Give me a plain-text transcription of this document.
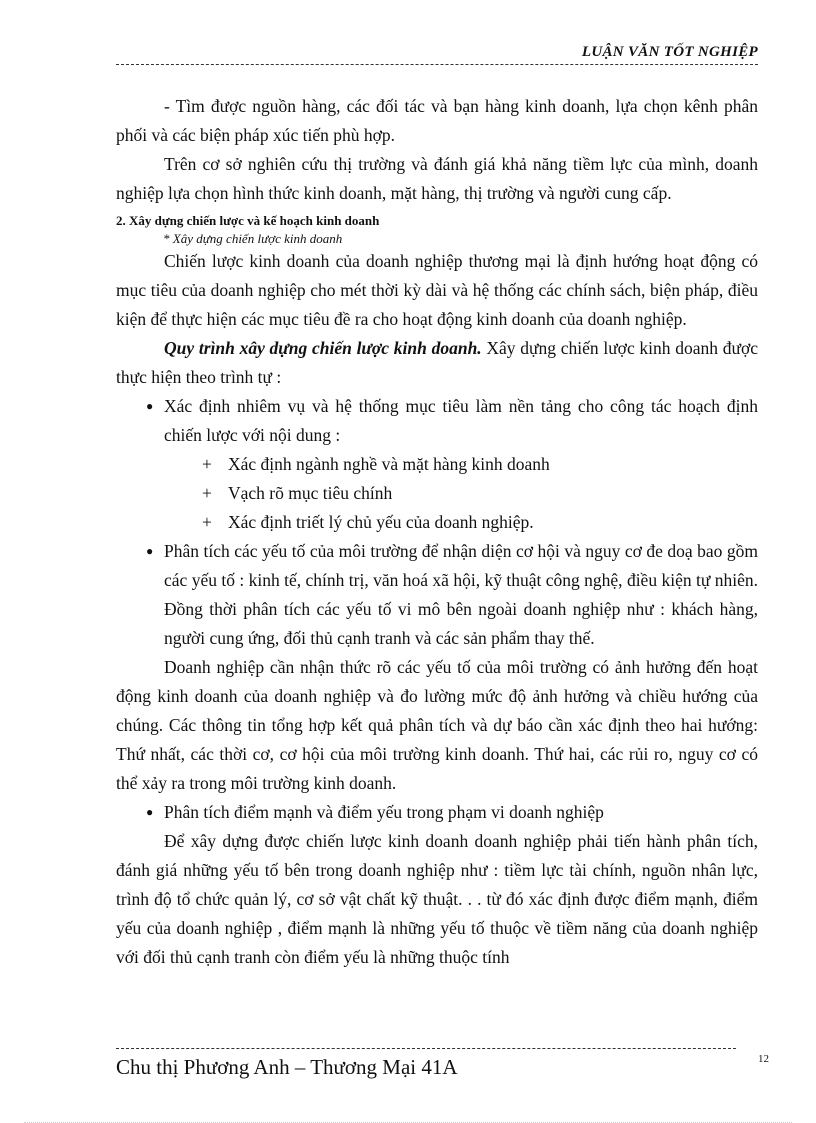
LUẬN VĂN TỐT NGHIỆP

- Tìm được nguồn hàng, các đối tác và bạn hàng kinh doanh, lựa chọn kênh phân phối và các biện pháp xúc tiến phù hợp.

Trên cơ sở nghiên cứu thị trường và đánh giá khả năng tiềm lực của mình, doanh nghiệp lựa chọn hình thức kinh doanh, mặt hàng, thị trường và người cung cấp.

2. Xây dựng chiến lược và kế hoạch kinh doanh

* Xây dựng chiến lược kinh doanh

Chiến lược kinh doanh của doanh nghiệp thương mại là định hướng hoạt động có mục tiêu của doanh nghiệp cho mét thời kỳ dài và hệ thống các chính sách, biện pháp, điều kiện để thực hiện các mục tiêu đề ra cho hoạt động kinh doanh của doanh nghiệp.

Quy trình xây dựng chiến lược kinh doanh. Xây dựng chiến lược kinh doanh được thực hiện theo trình tự :

● Xác định nhiêm vụ và hệ thống mục tiêu làm nền tảng cho công tác hoạch định chiến lược với nội dung :

+ Xác định ngành nghề và mặt hàng kinh doanh
+ Vạch rõ mục tiêu chính
+ Xác định triết lý chủ yếu của doanh nghiệp.
● Phân tích các yếu tố của môi trường để nhận diện cơ hội và nguy cơ đe doạ bao gồm các yếu tố : kinh tế, chính trị, văn hoá xã hội, kỹ thuật công nghệ, điều kiện tự nhiên. Đồng thời phân tích các yếu tố vi mô bên ngoài doanh nghiệp như : khách hàng, người cung ứng, đối thủ cạnh tranh và các sản phẩm thay thế.

Doanh nghiệp cần nhận thức rõ các yếu tố của môi trường có ảnh hưởng đến hoạt động kinh doanh của doanh nghiệp và đo lường mức độ ảnh hưởng và chiều hướng của chúng. Các thông tin tổng hợp kết quả phân tích và dự báo cần xác định theo hai hướng: Thứ nhất, các thời cơ, cơ hội của môi trường kinh doanh. Thứ hai, các rủi ro, nguy cơ có thể xảy ra trong môi trường kinh doanh.

● Phân tích điểm mạnh và điểm yếu trong phạm vi doanh nghiệp

Để xây dựng được chiến lược kinh doanh doanh nghiệp phải tiến hành phân tích, đánh giá những yếu tố bên trong doanh nghiệp như : tiềm lực tài chính, nguồn nhân lực, trình độ tổ chức quản lý, cơ sở vật chất kỹ thuật. . . từ đó xác định được điểm mạnh, điểm yếu của doanh nghiệp , điểm mạnh là những yếu tố thuộc về tiềm năng của doanh nghiệp với đối thủ cạnh tranh còn điểm yếu là những thuộc tính

Chu thị Phương Anh – Thương Mại 41A	12
